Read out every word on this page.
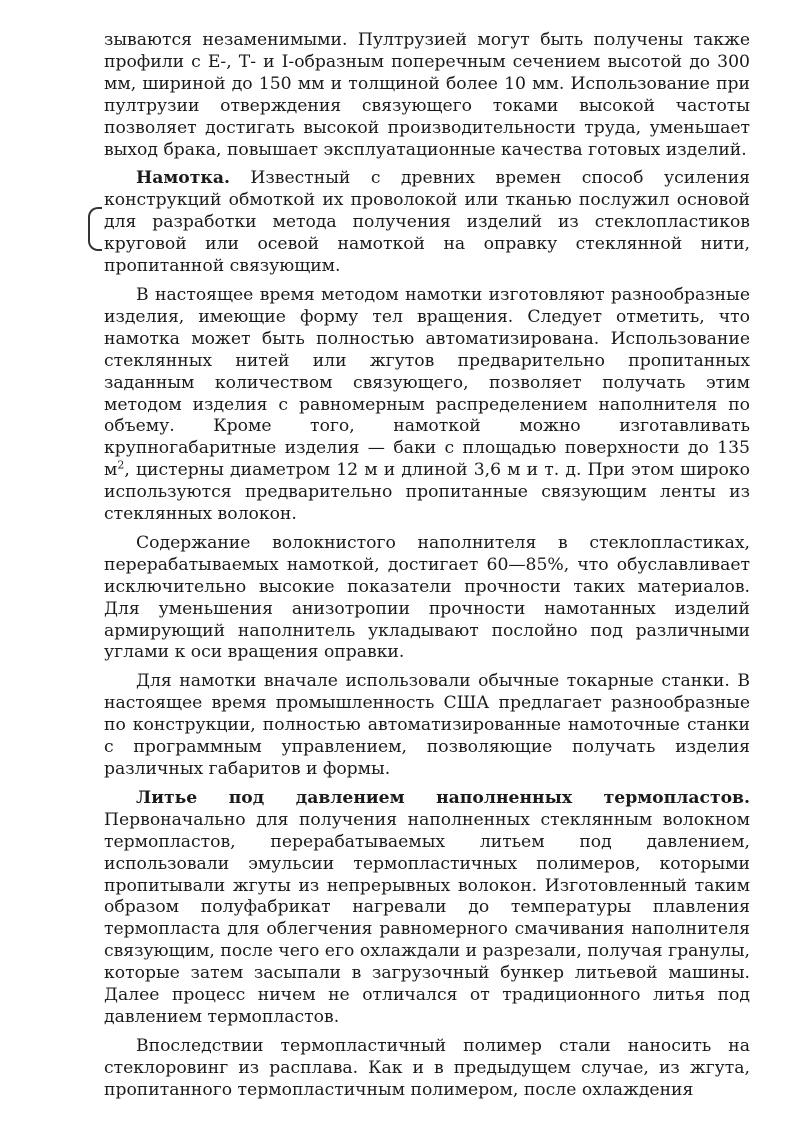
зываются незаменимыми. Пултрузией могут быть получены также профили с Е-, Т- и I-образным поперечным сечением высотой до 300 мм, шириной до 150 мм и толщиной более 10 мм. Использование при пултрузии отверждения связующего токами высокой частоты позволяет достигать высокой производительности труда, уменьшает выход брака, повышает эксплуатационные качества готовых изделий.

Намотка. Известный с древних времен способ усиления конструкций обмоткой их проволокой или тканью послужил основой для разработки метода получения изделий из стеклопластиков круговой или осевой намоткой на оправку стеклянной нити, пропитанной связующим.

В настоящее время методом намотки изготовляют разнообразные изделия, имеющие форму тел вращения. Следует отметить, что намотка может быть полностью автоматизирована. Использование стеклянных нитей или жгутов предварительно пропитанных заданным количеством связующего, позволяет получать этим методом изделия с равномерным распределением наполнителя по объему. Кроме того, намоткой можно изготавливать крупногабаритные изделия — баки с площадью поверхности до 135 $м^2$, цистерны диаметром 12 м и длиной 3,6 м и т. д. При этом широко используются предварительно пропитанные связующим ленты из стеклянных волокон.

Содержание волокнистого наполнителя в стеклопластиках, перерабатываемых намоткой, достигает 60—85%, что обуславливает исключительно высокие показатели прочности таких материалов. Для уменьшения анизотропии прочности намотанных изделий армирующий наполнитель укладывают послойно под различными углами к оси вращения оправки.

Для намотки вначале использовали обычные токарные станки. В настоящее время промышленность США предлагает разнообразные по конструкции, полностью автоматизированные намоточные станки с программным управлением, позволяющие получать изделия различных габаритов и формы.

Литье под давлением наполненных термопластов. Первоначально для получения наполненных стеклянным волокном термопластов, перерабатываемых литьем под давлением, использовали эмульсии термопластичных полимеров, которыми пропитывали жгуты из непрерывных волокон. Изготовленный таким образом полуфабрикат нагревали до температуры плавления термопласта для облегчения равномерного смачивания наполнителя связующим, после чего его охлаждали и разрезали, получая гранулы, которые затем засыпали в загрузочный бункер литьевой машины. Далее процесс ничем не отличался от традиционного литья под давлением термопластов.

Впоследствии термопластичный полимер стали наносить на стеклоровинг из расплава. Как и в предыдущем случае, из жгута, пропитанного термопластичным полимером, после охлаждения
